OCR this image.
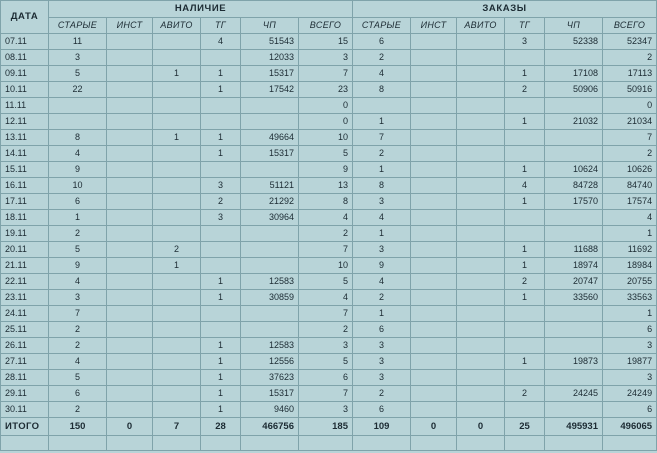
ДАТА	НАЛИЧИЕ						ЗАКАЗЫ					
	СТАРЫЕ	ИНСТ	АВИТО	ТГ	ЧП	ВСЕГО	СТАРЫЕ	ИНСТ	АВИТО	ТГ	ЧП	ВСЕГО
07.11	11			4	51543	15	6			3	52338	52347
08.11	3				12033	3	2					2
09.11	5		1	1	15317	7	4			1	17108	17113
10.11	22			1	17542	23	8			2	50906	50916
11.11						0						0
12.11						0	1			1	21032	21034
13.11	8		1	1	49664	10	7					7
14.11	4			1	15317	5	2					2
15.11	9					9	1			1	10624	10626
16.11	10			3	51121	13	8			4	84728	84740
17.11	6			2	21292	8	3			1	17570	17574
18.11	1			3	30964	4	4					4
19.11	2					2	1					1
20.11	5		2			7	3			1	11688	11692
21.11	9		1			10	9			1	18974	18984
22.11	4			1	12583	5	4			2	20747	20755
23.11	3			1	30859	4	2			1	33560	33563
24.11	7					7	1					1
25.11	2					2	6					6
26.11	2			1	12583	3	3					3
27.11	4			1	12556	5	3			1	19873	19877
28.11	5			1	37623	6	3					3
29.11	6			1	15317	7	2			2	24245	24249
30.11	2			1	9460	3	6					6
ИТОГО	150	0	7	28	466756	185	109	0	0	25	495931	496065
